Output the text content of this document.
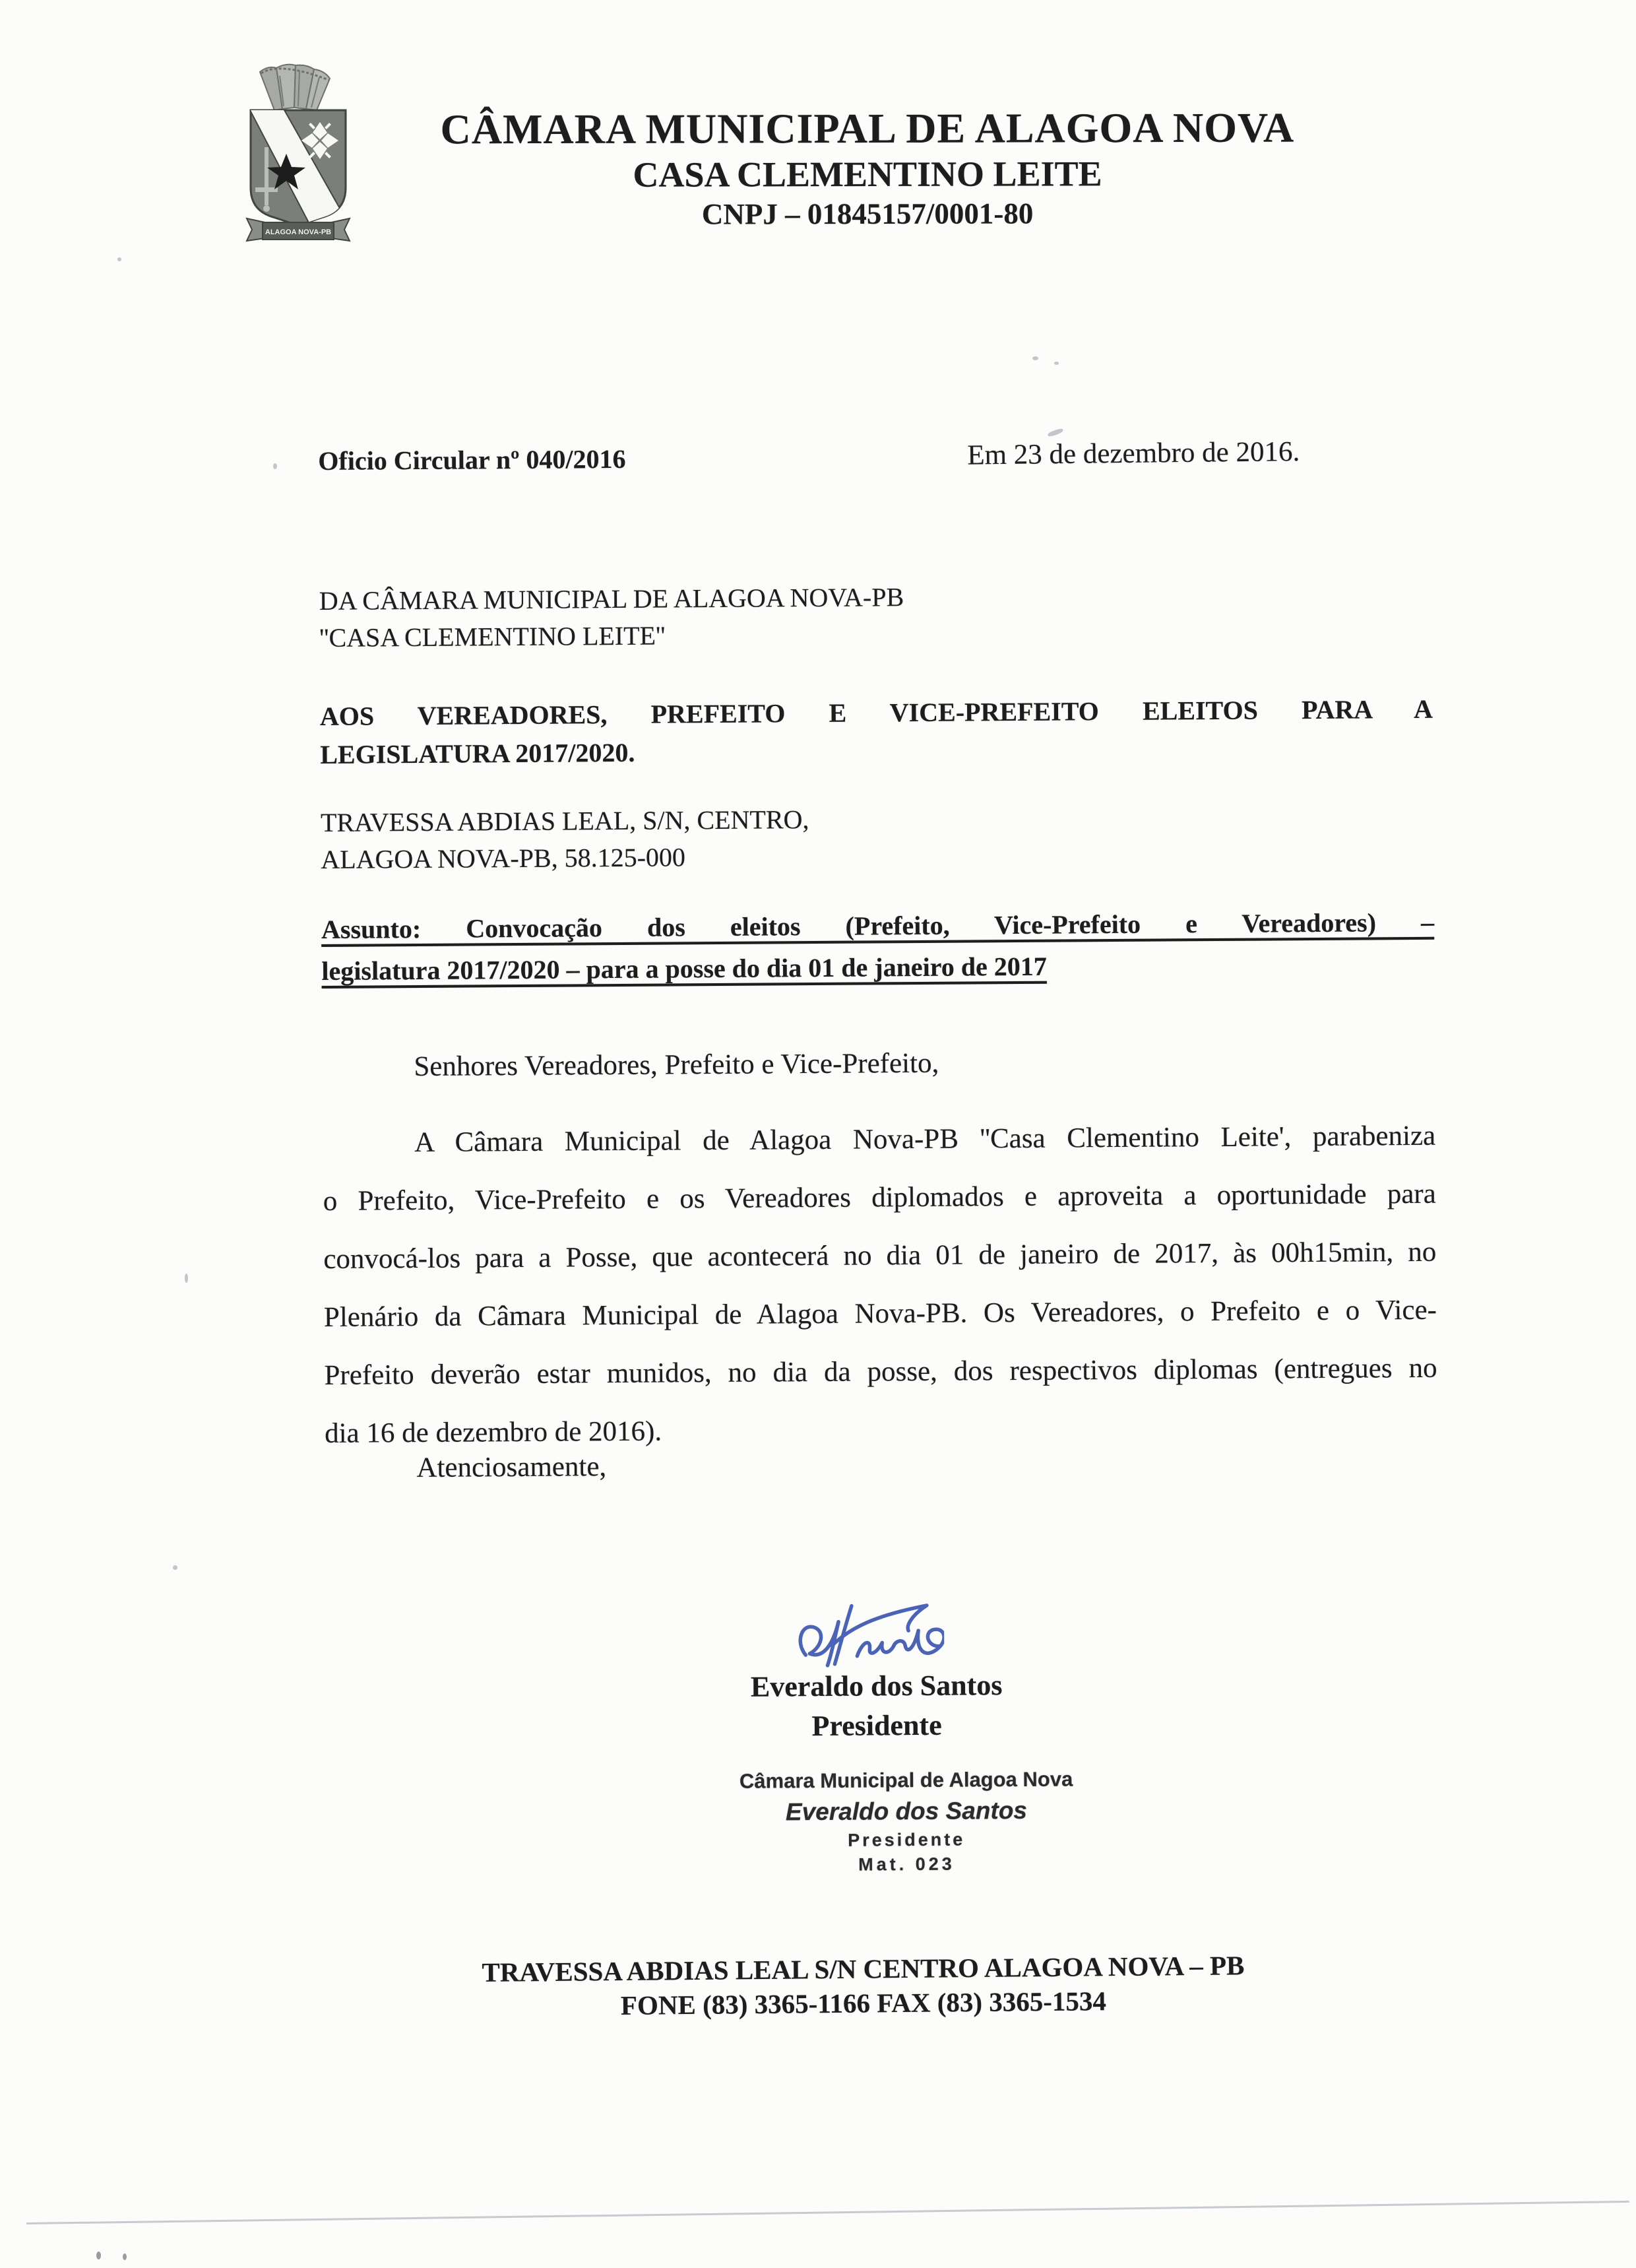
ALAGOA NOVA-PB
CÂMARA MUNICIPAL DE ALAGOA NOVA
CASA CLEMENTINO LEITE
CNPJ – 01845157/0001-80
Oficio Circular nº 040/2016	Em 23 de dezembro de 2016.
DA CÂMARA MUNICIPAL DE ALAGOA NOVA-PB
''CASA CLEMENTINO LEITE''
AOS VEREADORES, PREFEITO E VICE-PREFEITO ELEITOS PARA A
LEGISLATURA 2017/2020.
TRAVESSA ABDIAS LEAL, S/N, CENTRO,
ALAGOA NOVA-PB, 58.125-000
Assunto: Convocação dos eleitos (Prefeito, Vice-Prefeito e Vereadores) –
legislatura 2017/2020 – para a posse do dia 01 de janeiro de 2017
Senhores Vereadores, Prefeito e Vice-Prefeito,
A Câmara Municipal de Alagoa Nova-PB ''Casa Clementino Leite', parabeniza
o Prefeito, Vice-Prefeito e os Vereadores diplomados e aproveita a oportunidade para
convocá-los para a Posse, que acontecerá no dia 01 de janeiro de 2017, às 00h15min, no
Plenário da Câmara Municipal de Alagoa Nova-PB. Os Vereadores, o Prefeito e o Vice-
Prefeito deverão estar munidos, no dia da posse, dos respectivos diplomas (entregues no
dia 16 de dezembro de 2016).
Atenciosamente,
Everaldo dos Santos
Presidente
Câmara Municipal de Alagoa Nova
Everaldo dos Santos
Presidente
Mat. 023
TRAVESSA ABDIAS LEAL S/N CENTRO ALAGOA NOVA – PB
FONE (83) 3365-1166 FAX (83) 3365-1534
